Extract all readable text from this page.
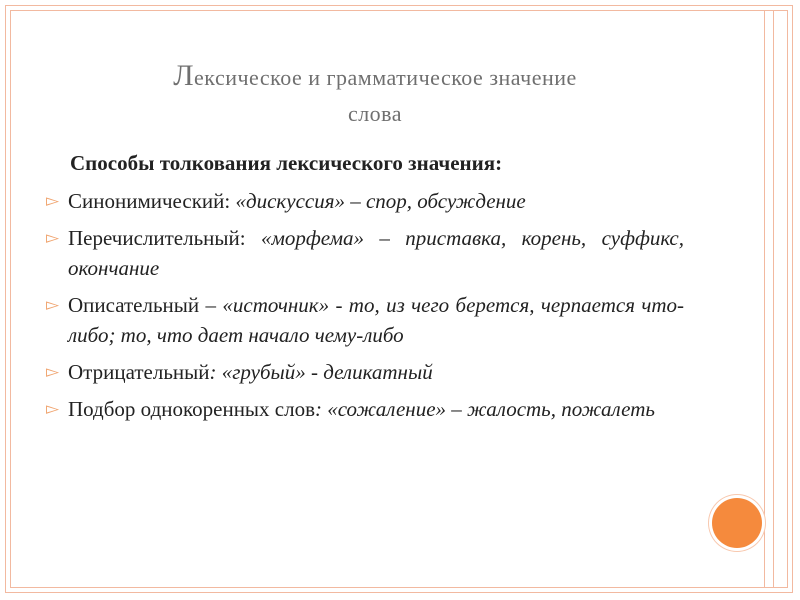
Лексическое и грамматическое значение
слова
Способы толкования лексического значения:
▻ Синонимический: «дискуссия» – спор, обсуждение
▻ Перечислительный: «морфема» – приставка, корень, суффикс, окончание
▻ Описательный – «источник» - то, из чего берется, черпается что-либо; то, что дает начало чему-либо
▻ Отрицательный: «грубый» - деликатный
▻ Подбор однокоренных слов: «сожаление» – жалость, пожалеть
